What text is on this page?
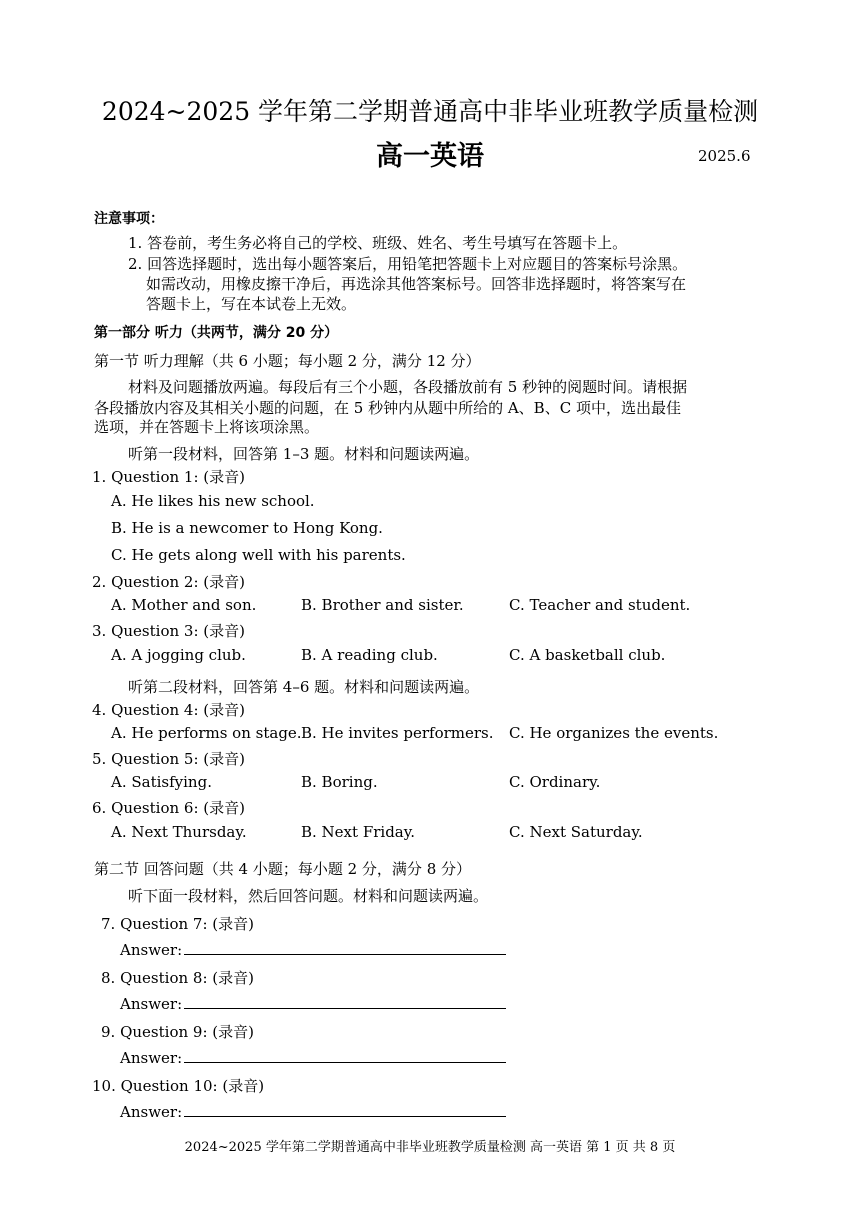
2024~2025 学年第二学期普通高中非毕业班教学质量检测
高一英语	2025.6
注意事项：
1. 答卷前，考生务必将自己的学校、班级、姓名、考生号填写在答题卡上。
2. 回答选择题时，选出每小题答案后，用铅笔把答题卡上对应题目的答案标号涂黑。
如需改动，用橡皮擦干净后，再选涂其他答案标号。回答非选择题时，将答案写在
答题卡上，写在本试卷上无效。
第一部分 听力（共两节，满分 20 分）
第一节 听力理解（共 6 小题；每小题 2 分，满分 12 分）
材料及问题播放两遍。每段后有三个小题，各段播放前有 5 秒钟的阅题时间。请根据
各段播放内容及其相关小题的问题，在 5 秒钟内从题中所给的 A、B、C 项中，选出最佳
选项，并在答题卡上将该项涂黑。
听第一段材料，回答第 1–3 题。材料和问题读两遍。
1. Question 1: (录音)
A. He likes his new school.
B. He is a newcomer to Hong Kong.
C. He gets along well with his parents.
2. Question 2: (录音)
A. Mother and son.	B. Brother and sister.	C. Teacher and student.
3. Question 3: (录音)
A. A jogging club.	B. A reading club.	C. A basketball club.
听第二段材料，回答第 4–6 题。材料和问题读两遍。
4. Question 4: (录音)
A. He performs on stage. B. He invites performers. C. He organizes the events.
5. Question 5: (录音)
A. Satisfying.	B. Boring.	C. Ordinary.
6. Question 6: (录音)
A. Next Thursday.	B. Next Friday.	C. Next Saturday.
第二节 回答问题（共 4 小题；每小题 2 分，满分 8 分）
听下面一段材料，然后回答问题。材料和问题读两遍。
7. Question 7: (录音)
Answer:
8. Question 8: (录音)
Answer:
9. Question 9: (录音)
Answer:
10. Question 10: (录音)
Answer:
2024~2025 学年第二学期普通高中非毕业班教学质量检测 高一英语 第 1 页 共 8 页
